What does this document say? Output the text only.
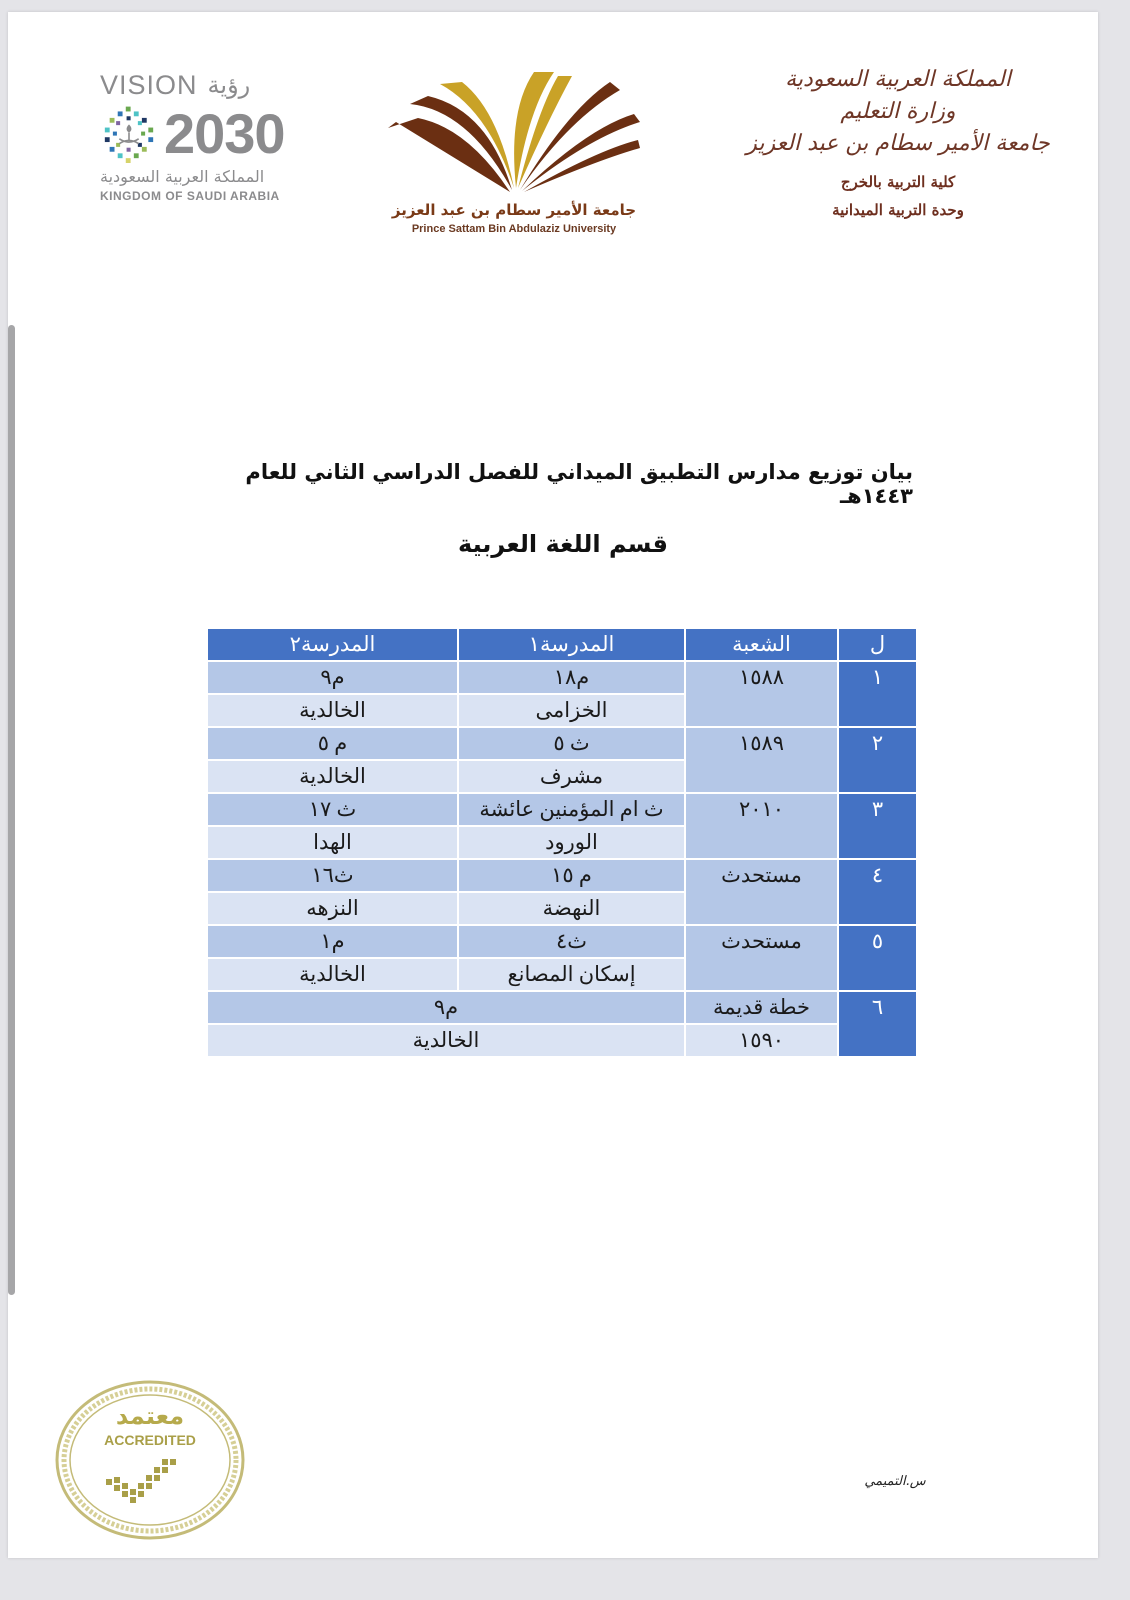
VISION رؤية
2030
المملكة العربية السعودية
KINGDOM OF SAUDI ARABIA
جامعة الأمير سطام بن عبد العزيز
Prince Sattam Bin Abdulaziz University
المملكة العربية السعودية
وزارة التعليم
جامعة الأمير سطام بن عبد العزيز
كلية التربية بالخرج
وحدة التربية الميدانية
بيان توزيع مدارس التطبيق الميداني للفصل الدراسي الثاني للعام ١٤٤٣هـ
قسم اللغة العربية
ل	الشعبة	المدرسة١	المدرسة٢
١	١٥٨٨	م١٨	م٩
		الخزامى	الخالدية
٢	١٥٨٩	ث ٥	م ٥
		مشرف	الخالدية
٣	٢٠١٠	ث ام المؤمنين عائشة	ث ١٧
		الورود	الهدا
٤	مستحدث	م ١٥	ث١٦
		النهضة	النزهه
٥	مستحدث	ث٤	م١
		إسكان المصانع	الخالدية
٦	خطة قديمة	م٩	
	١٥٩٠	الخالدية	
معتمد
ACCREDITED
س.التميمي
